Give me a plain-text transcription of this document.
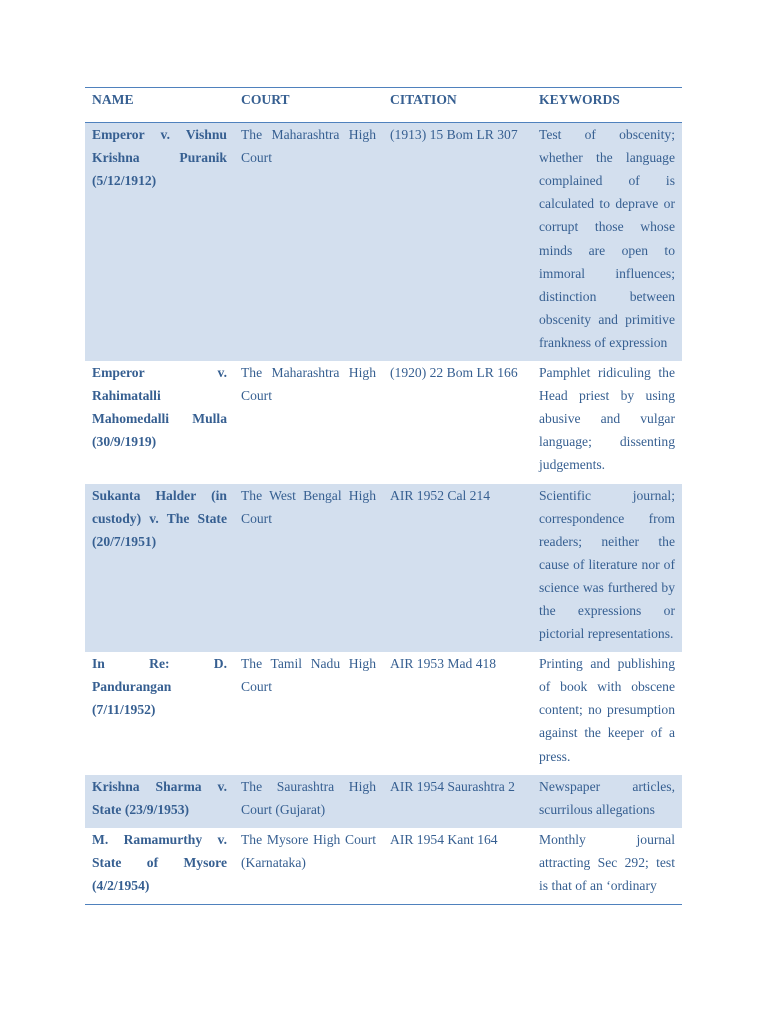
NAME	COURT	CITATION	KEYWORDS
Emperor v. Vishnu Krishna Puranik (5/12/1912)	The Maharashtra High Court	(1913) 15 Bom LR 307	Test of obscenity; whether the language complained of is calculated to deprave or corrupt those whose minds are open to immoral influences; distinction between obscenity and primitive frankness of expression
Emperor v. Rahimatalli Mahomedalli Mulla (30/9/1919)	The Maharashtra High Court	(1920) 22 Bom LR 166	Pamphlet ridiculing the Head priest by using abusive and vulgar language; dissenting judgements.
Sukanta Halder (in custody) v. The State (20/7/1951)	The West Bengal High Court	AIR 1952 Cal 214	Scientific journal; correspondence from readers; neither the cause of literature nor of science was furthered by the expressions or pictorial representations.
In Re: D. Pandurangan (7/11/1952)	The Tamil Nadu High Court	AIR 1953 Mad 418	Printing and publishing of book with obscene content; no presumption against the keeper of a press.
Krishna Sharma v. State (23/9/1953)	The Saurashtra High Court (Gujarat)	AIR 1954 Saurashtra 2	Newspaper articles, scurrilous allegations
M. Ramamurthy v. State of Mysore (4/2/1954)	The Mysore High Court (Karnataka)	AIR 1954 Kant 164	Monthly journal attracting Sec 292; test is that of an ‘ordinary
